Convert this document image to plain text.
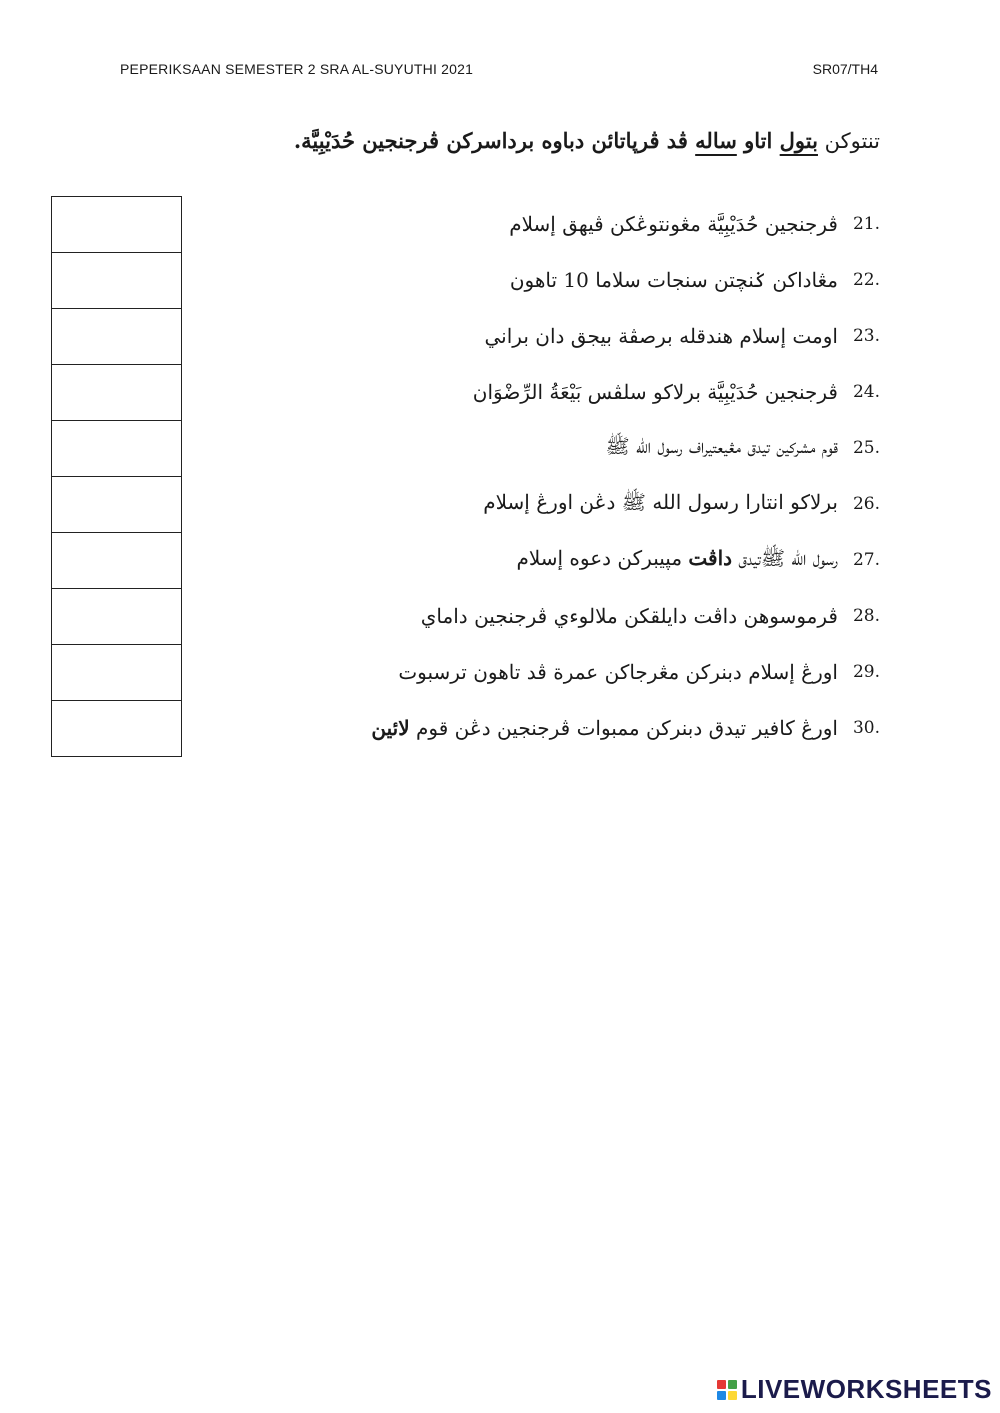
PEPERIKSAAN SEMESTER 2 SRA AL-SUYUTHI 2021	SR07/TH4
تنتوكن بتول اتاو ساله ڤد ڤرڽاتائن دباوه برداسركن ڤرجنجين حُدَيْبِيَّة.
21.
ڤرجنجين حُدَيْبِيَّة مڠونتوڠكن ڤيهق إسلام
22.
مڠاداكن ݢنچتن سنجات سلاما 10 تاهون
23.
اومت إسلام هندقله برصڤة بيجق دان براني
24.
ڤرجنجين حُدَيْبِيَّة برلاكو سلڤس بَيْعَةُ الرِّضْوَان
25.
قوم مشركين تيدق مڠيعتيراف رسول الله ﷺ
26.
برلاكو انتارا رسول الله ﷺ دڠن اورڠ إسلام
27.
رسول الله ﷺتيدق داڤت مپيبركن دعوه إسلام
28.
ڤرموسوهن داڤت دايلقكن ملالوءي ڤرجنجين داماي
29.
اورڠ إسلام دبنركن مڠرجاكن عمرة ڤد تاهون ترسبوت
30.
اورڠ كافير تيدق دبنركن ممبوات ڤرجنجين دڠن قوم لائين
LIVEWORKSHEETS
